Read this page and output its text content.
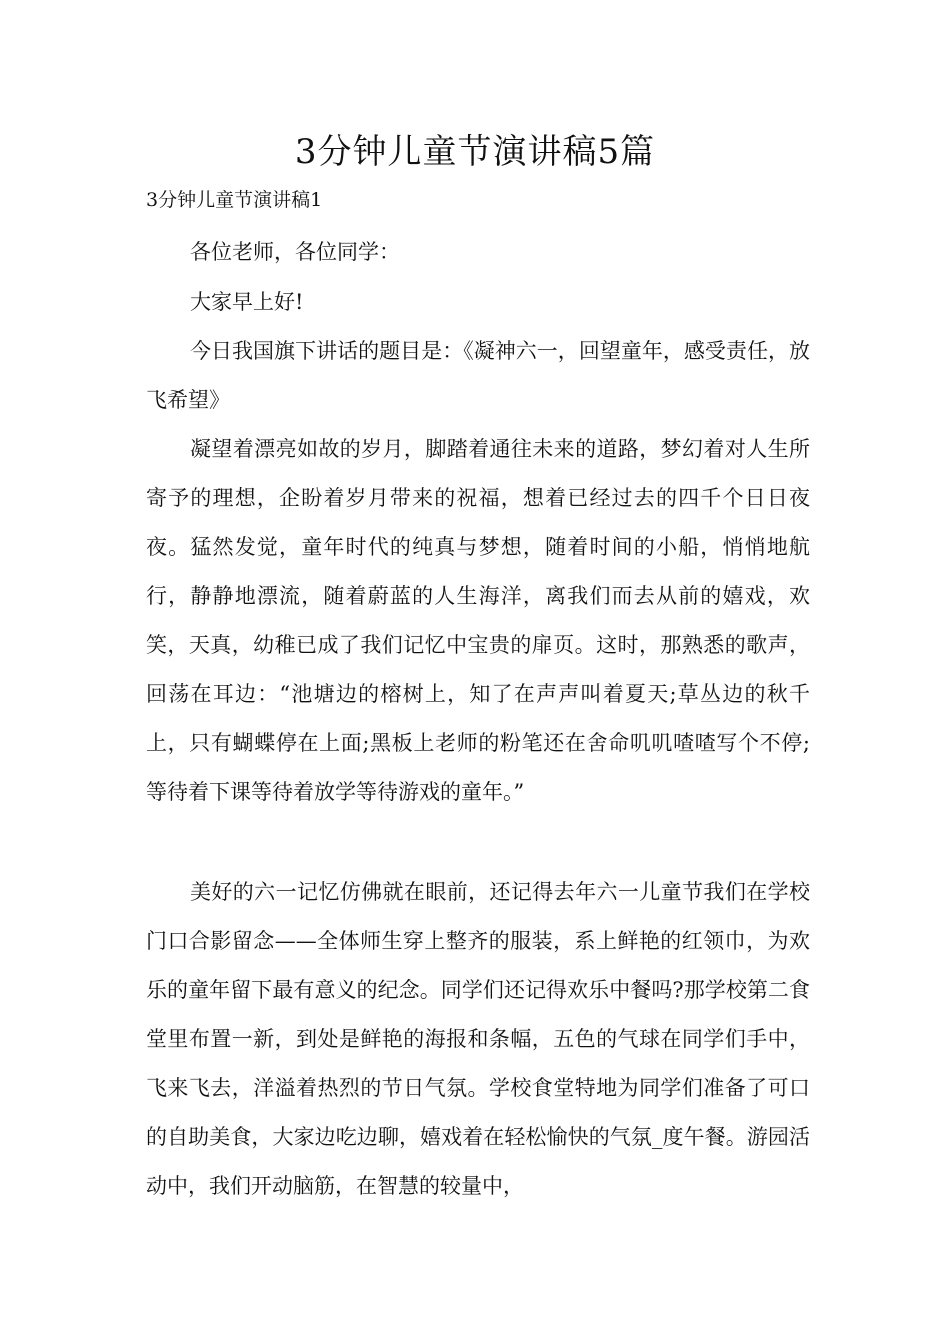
3分钟儿童节演讲稿5篇

3分钟儿童节演讲稿1

各位老师，各位同学：

大家早上好!

今日我国旗下讲话的题目是：《凝神六一，回望童年，感受责任，放飞希望》

凝望着漂亮如故的岁月，脚踏着通往未来的道路，梦幻着对人生所寄予的理想，企盼着岁月带来的祝福，想着已经过去的四千个日日夜夜。猛然发觉，童年时代的纯真与梦想，随着时间的小船，悄悄地航行，静静地漂流，随着蔚蓝的人生海洋，离我们而去从前的嬉戏，欢笑，天真，幼稚已成了我们记忆中宝贵的扉页。这时，那熟悉的歌声，回荡在耳边：“池塘边的榕树上，知了在声声叫着夏天;草丛边的秋千上，只有蝴蝶停在上面;黑板上老师的粉笔还在舍命叽叽喳喳写个不停;等待着下课等待着放学等待游戏的童年。”

美好的六一记忆仿佛就在眼前，还记得去年六一儿童节我们在学校门口合影留念——全体师生穿上整齐的服装，系上鲜艳的红领巾，为欢乐的童年留下最有意义的纪念。同学们还记得欢乐中餐吗?那学校第二食堂里布置一新，到处是鲜艳的海报和条幅，五色的气球在同学们手中，飞来飞去，洋溢着热烈的节日气氛。学校食堂特地为同学们准备了可口的自助美食，大家边吃边聊，嬉戏着在轻松愉快的气氛_度午餐。游园活动中，我们开动脑筋，在智慧的较量中，
